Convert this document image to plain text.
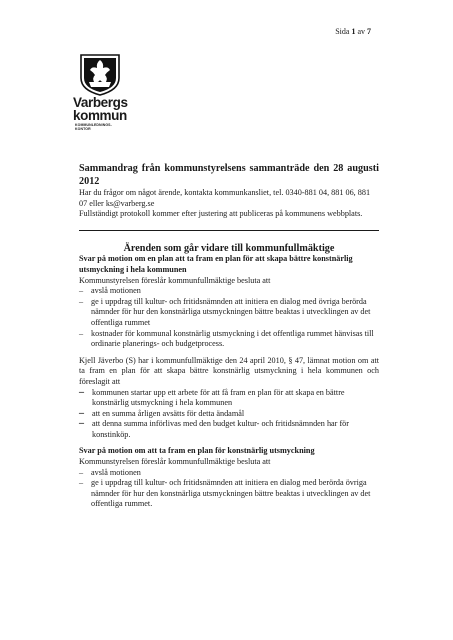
Sida 1 av 7
Varbergs
kommun
KOMMUNLEDNINGS-
KONTOR

Sammandrag från kommunstyrelsens sammanträde den 28 augusti 2012

Har du frågor om något ärende, kontakta kommunkansliet, tel. 0340-881 04, 881 06, 881 07 eller ks@varberg.se

Fullständigt protokoll kommer efter justering att publiceras på kommunens webbplats.

Ärenden som går vidare till kommunfullmäktige

Svar på motion om en plan att ta fram en plan för att skapa bättre konstnärlig utsmyckning i hela kommunen

Kommunstyrelsen föreslår kommunfullmäktige besluta att

– avslå motionen
– ge i uppdrag till kultur- och fritidsnämnden att initiera en dialog med övriga berörda nämnder för hur den konstnärliga utsmyckningen bättre beaktas i utvecklingen av det offentliga rummet
– kostnader för kommunal konstnärlig utsmyckning i det offentliga rummet hänvisas till ordinarie planerings- och budgetprocess.

Kjell Jäverbo (S) har i kommunfullmäktige den 24 april 2010, § 47, lämnat motion om att ta fram en plan för att skapa bättre konstnärlig utsmyckning i hela kommunen och föreslagit att

– kommunen startar upp ett arbete för att få fram en plan för att skapa en bättre konstnärlig utsmyckning i hela kommunen
– att en summa årligen avsätts för detta ändamål
– att denna summa införlivas med den budget kultur- och fritidsnämnden har för konstinköp.

Svar på motion om att ta fram en plan för konstnärlig utsmyckning

Kommunstyrelsen föreslår kommunfullmäktige besluta att

– avslå motionen
– ge i uppdrag till kultur- och fritidsnämnden att initiera en dialog med berörda övriga nämnder för hur den konstnärliga utsmyckningen bättre beaktas i utvecklingen av det offentliga rummet.
